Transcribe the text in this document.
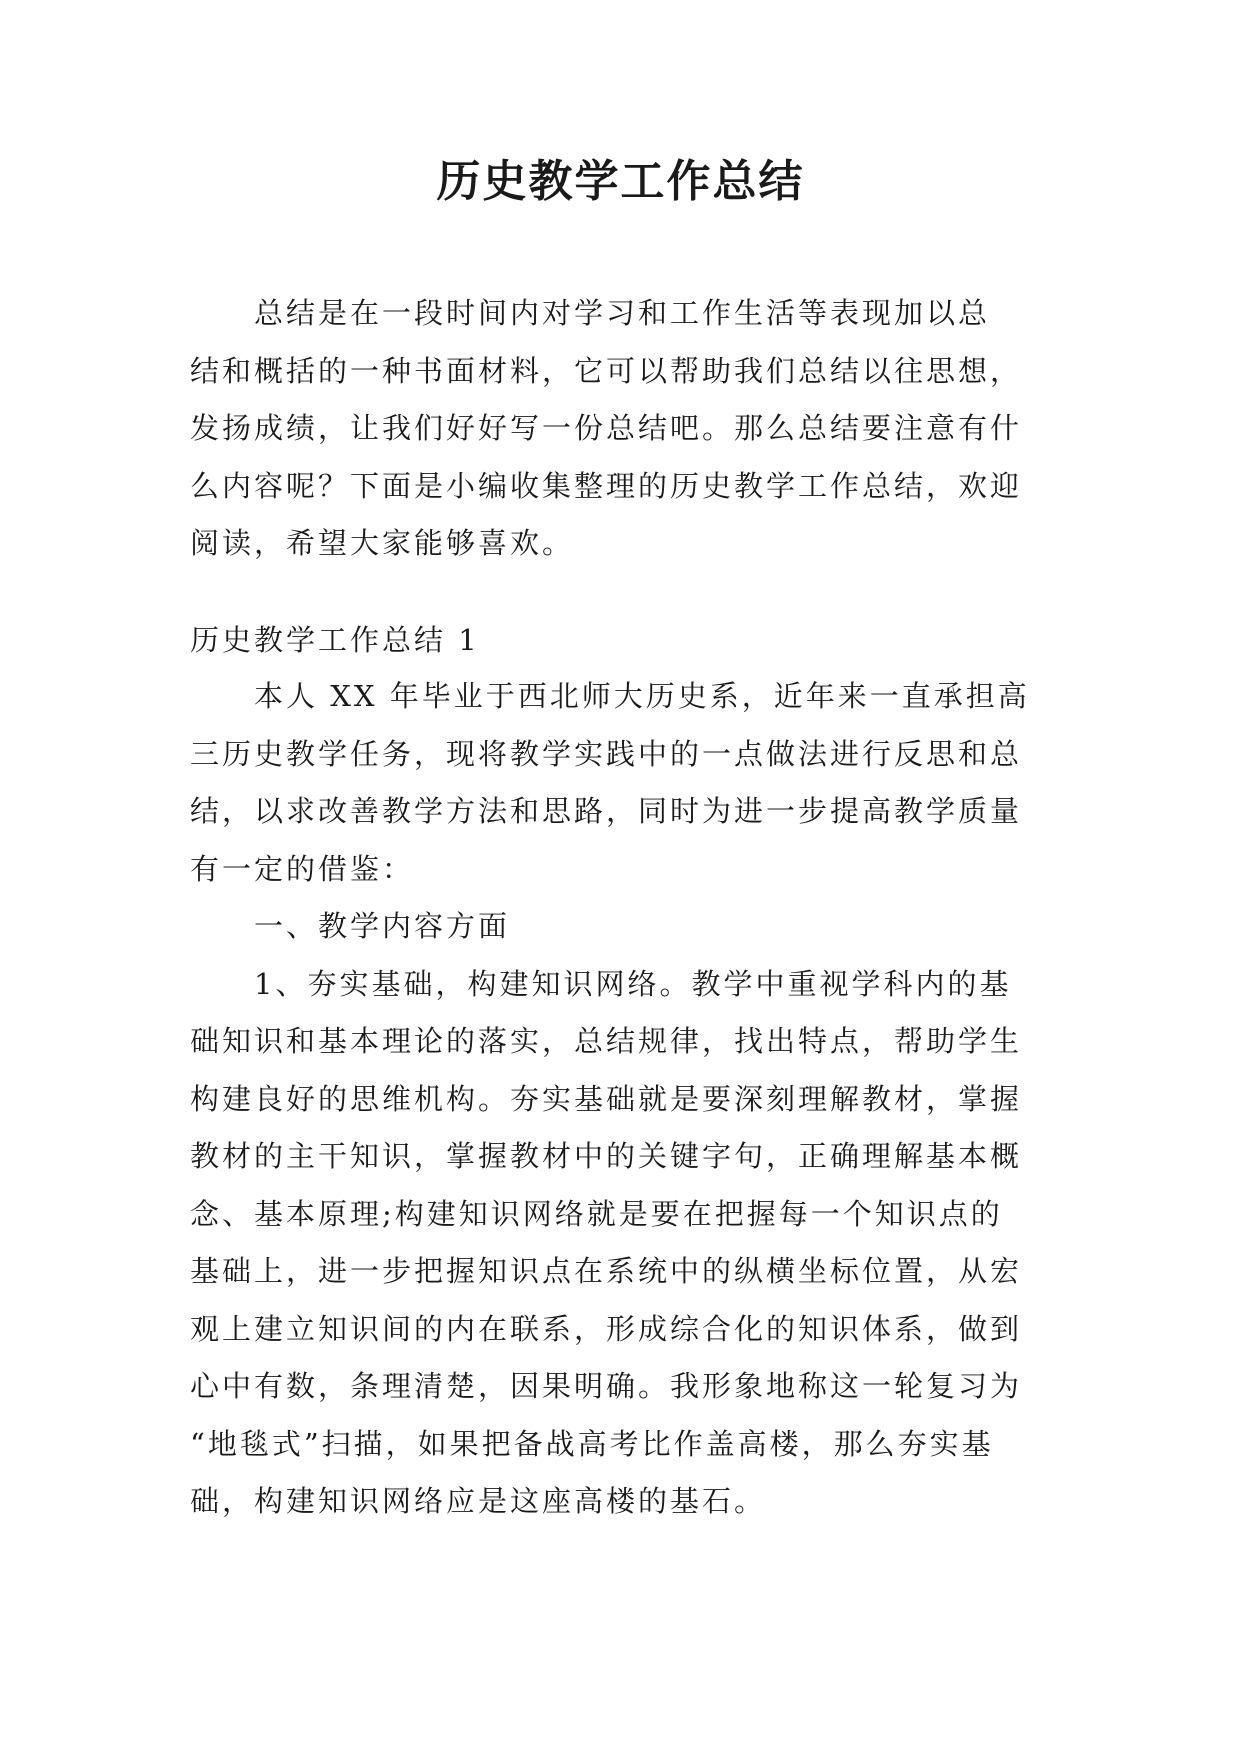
历史教学工作总结
总结是在一段时间内对学习和工作生活等表现加以总
结和概括的一种书面材料，它可以帮助我们总结以往思想，
发扬成绩，让我们好好写一份总结吧。那么总结要注意有什
么内容呢？下面是小编收集整理的历史教学工作总结，欢迎
阅读，希望大家能够喜欢。
历史教学工作总结 1
本人 XX 年毕业于西北师大历史系，近年来一直承担高
三历史教学任务，现将教学实践中的一点做法进行反思和总
结，以求改善教学方法和思路，同时为进一步提高教学质量
有一定的借鉴：
一、教学内容方面
1、夯实基础，构建知识网络。教学中重视学科内的基
础知识和基本理论的落实，总结规律，找出特点，帮助学生
构建良好的思维机构。夯实基础就是要深刻理解教材，掌握
教材的主干知识，掌握教材中的关键字句，正确理解基本概
念、基本原理;构建知识网络就是要在把握每一个知识点的
基础上，进一步把握知识点在系统中的纵横坐标位置，从宏
观上建立知识间的内在联系，形成综合化的知识体系，做到
心中有数，条理清楚，因果明确。我形象地称这一轮复习为
“地毯式”扫描，如果把备战高考比作盖高楼，那么夯实基
础，构建知识网络应是这座高楼的基石。
